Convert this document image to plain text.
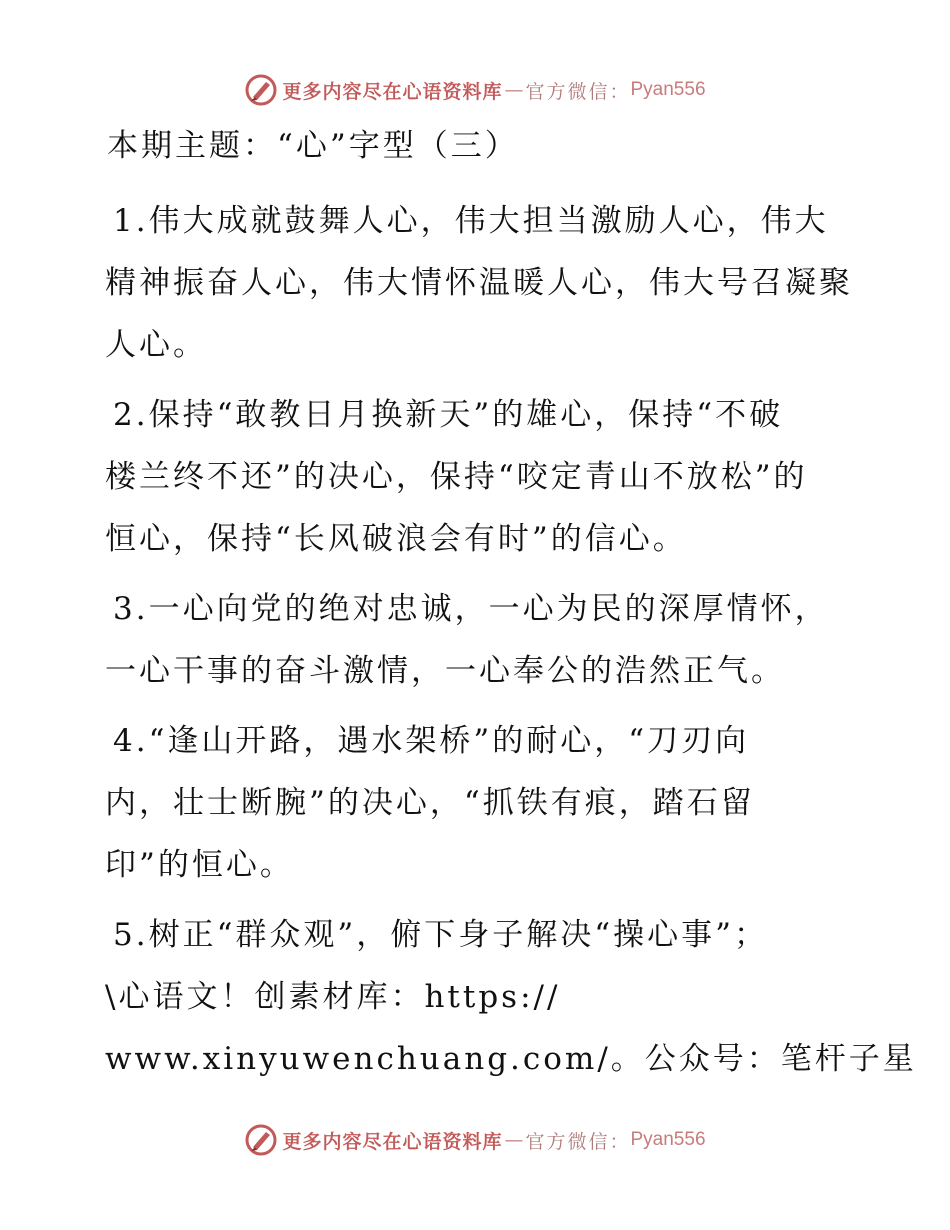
更多内容尽在心语资料库 — 官方微信： Pyan556
本期主题：“心”字型（三）
1.伟大成就鼓舞人心，伟大担当激励人心，伟大
精神振奋人心，伟大情怀温暖人心，伟大号召凝聚
人心。
2.保持“敢教日月换新天”的雄心，保持“不破
楼兰终不还”的决心，保持“咬定青山不放松”的
恒心，保持“长风破浪会有时”的信心。
3.一心向党的绝对忠诚，一心为民的深厚情怀，
一心干事的奋斗激情，一心奉公的浩然正气。
4.“逢山开路，遇水架桥”的耐心，“刀刃向
内，壮士断腕”的决心，“抓铁有痕，踏石留
印”的恒心。
5.树正“群众观”，俯下身子解决“操心事”；
\心语文！创素材库：https://
www.xinyuwenchuang.com/。公众号：笔杆子星
更多内容尽在心语资料库 — 官方微信： Pyan556
